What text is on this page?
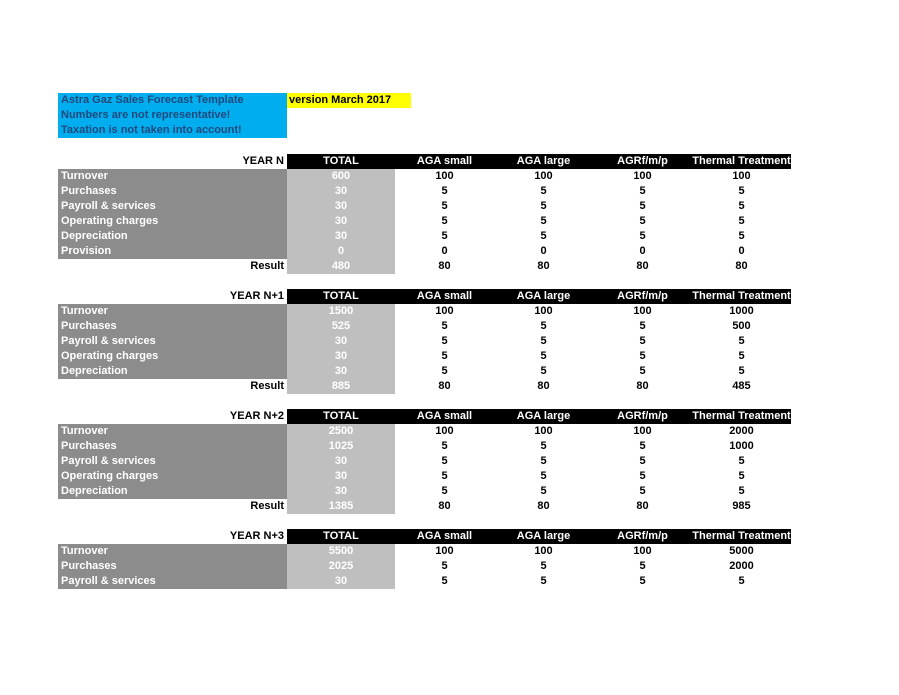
Astra Gaz Sales Forecast Template
Numbers are not representative!
Taxation is not taken into account!
version March 2017
YEAR N	TOTAL	AGA small	AGA large	AGRf/m/p	Thermal Treatment
Turnover	600	100	100	100	100
Purchases	30	5	5	5	5
Payroll & services	30	5	5	5	5
Operating charges	30	5	5	5	5
Depreciation	30	5	5	5	5
Provision	0	0	0	0	0
Result	480	80	80	80	80
YEAR N+1	TOTAL	AGA small	AGA large	AGRf/m/p	Thermal Treatment
Turnover	1500	100	100	100	1000
Purchases	525	5	5	5	500
Payroll & services	30	5	5	5	5
Operating charges	30	5	5	5	5
Depreciation	30	5	5	5	5
Result	885	80	80	80	485
YEAR N+2	TOTAL	AGA small	AGA large	AGRf/m/p	Thermal Treatment
Turnover	2500	100	100	100	2000
Purchases	1025	5	5	5	1000
Payroll & services	30	5	5	5	5
Operating charges	30	5	5	5	5
Depreciation	30	5	5	5	5
Result	1385	80	80	80	985
YEAR N+3	TOTAL	AGA small	AGA large	AGRf/m/p	Thermal Treatment
Turnover	5500	100	100	100	5000
Purchases	2025	5	5	5	2000
Payroll & services	30	5	5	5	5
